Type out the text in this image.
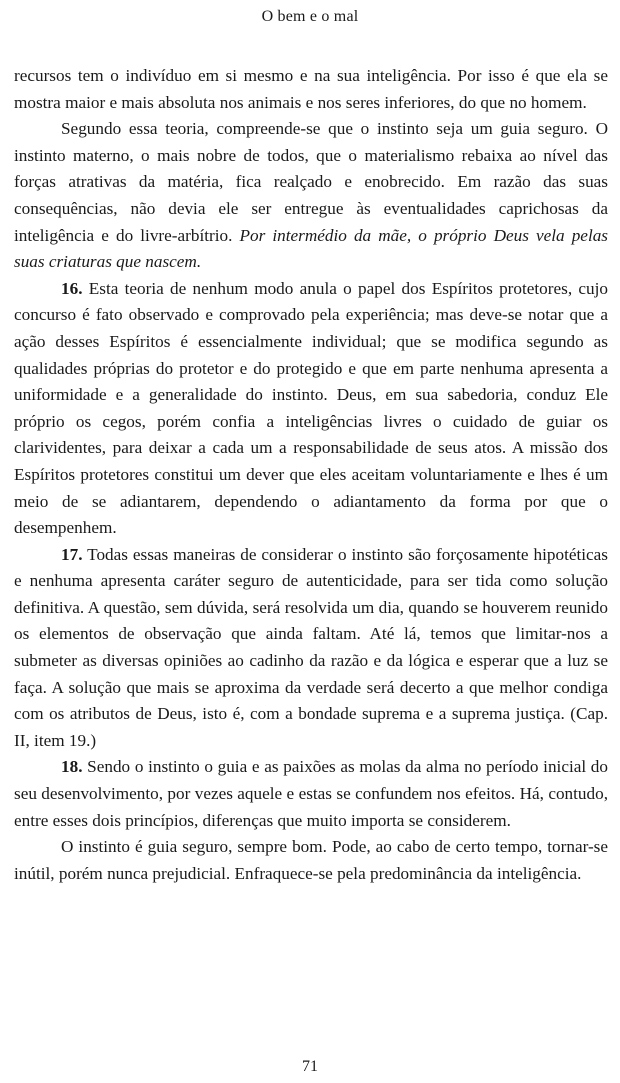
O bem e o mal

recursos tem o indivíduo em si mesmo e na sua inteligência. Por isso é que ela se mostra maior e mais absoluta nos animais e nos seres inferiores, do que no homem.

Segundo essa teoria, compreende-se que o instinto seja um guia seguro. O instinto materno, o mais nobre de todos, que o materialismo rebaixa ao nível das forças atrativas da matéria, fica realçado e enobrecido. Em razão das suas consequências, não devia ele ser entregue às eventualidades caprichosas da inteligência e do livre-arbítrio. Por intermédio da mãe, o próprio Deus vela pelas suas criaturas que nascem.

16. Esta teoria de nenhum modo anula o papel dos Espíritos protetores, cujo concurso é fato observado e comprovado pela experiência; mas deve-se notar que a ação desses Espíritos é essencialmente individual; que se modifica segundo as qualidades próprias do protetor e do protegido e que em parte nenhuma apresenta a uniformidade e a generalidade do instinto. Deus, em sua sabedoria, conduz Ele próprio os cegos, porém confia a inteligências livres o cuidado de guiar os clarividentes, para deixar a cada um a responsabilidade de seus atos. A missão dos Espíritos protetores constitui um dever que eles aceitam voluntariamente e lhes é um meio de se adiantarem, dependendo o adiantamento da forma por que o desempenhem.

17. Todas essas maneiras de considerar o instinto são forçosamente hipotéticas e nenhuma apresenta caráter seguro de autenticidade, para ser tida como solução definitiva. A questão, sem dúvida, será resolvida um dia, quando se houverem reunido os elementos de observação que ainda faltam. Até lá, temos que limitar-nos a submeter as diversas opiniões ao cadinho da razão e da lógica e esperar que a luz se faça. A solução que mais se aproxima da verdade será decerto a que melhor condiga com os atributos de Deus, isto é, com a bondade suprema e a suprema justiça. (Cap. II, item 19.)

18. Sendo o instinto o guia e as paixões as molas da alma no período inicial do seu desenvolvimento, por vezes aquele e estas se confundem nos efeitos. Há, contudo, entre esses dois princípios, diferenças que muito importa se considerem.

O instinto é guia seguro, sempre bom. Pode, ao cabo de certo tempo, tornar-se inútil, porém nunca prejudicial. Enfraquece-se pela predominância da inteligência.

71
